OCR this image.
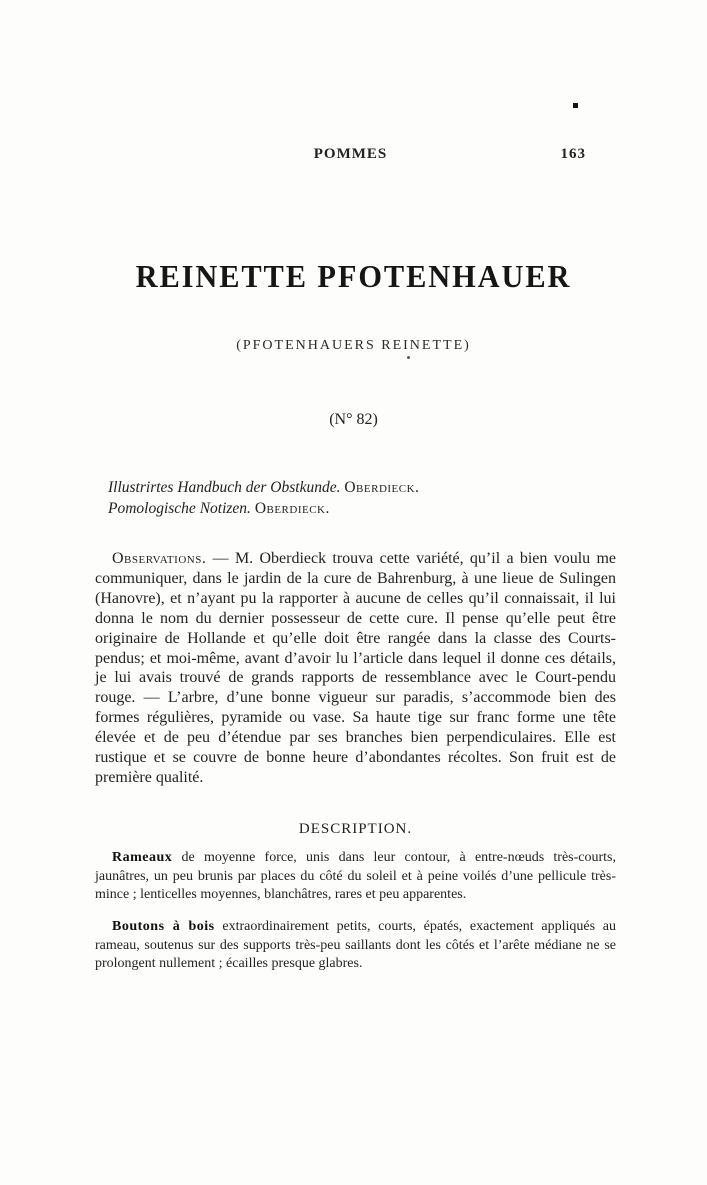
POMMES	163
REINETTE PFOTENHAUER
(PFOTENHAUERS REINETTE)
(N° 82)
Illustrirtes Handbuch der Obstkunde. Oberdieck.
Pomologische Notizen. Oberdieck.

Observations. — M. Oberdieck trouva cette variété, qu’il a bien voulu me communiquer, dans le jardin de la cure de Bahrenburg, à une lieue de Sulingen (Hanovre), et n’ayant pu la rapporter à aucune de celles qu’il connaissait, il lui donna le nom du dernier possesseur de cette cure. Il pense qu’elle peut être originaire de Hollande et qu’elle doit être rangée dans la classe des Courts-pendus; et moi-même, avant d’avoir lu l’article dans lequel il donne ces détails, je lui avais trouvé de grands rapports de ressemblance avec le Court-pendu rouge. — L’arbre, d’une bonne vigueur sur paradis, s’accommode bien des formes régulières, pyramide ou vase. Sa haute tige sur franc forme une tête élevée et de peu d’étendue par ses branches bien perpendiculaires. Elle est rustique et se couvre de bonne heure d’abondantes récoltes. Son fruit est de première qualité.

DESCRIPTION.

Rameaux de moyenne force, unis dans leur contour, à entre-nœuds très-courts, jaunâtres, un peu brunis par places du côté du soleil et à peine voilés d’une pellicule très-mince ; lenticelles moyennes, blanchâtres, rares et peu apparentes.

Boutons à bois extraordinairement petits, courts, épatés, exactement appliqués au rameau, soutenus sur des supports très-peu saillants dont les côtés et l’arête médiane ne se prolongent nullement ; écailles presque glabres.
